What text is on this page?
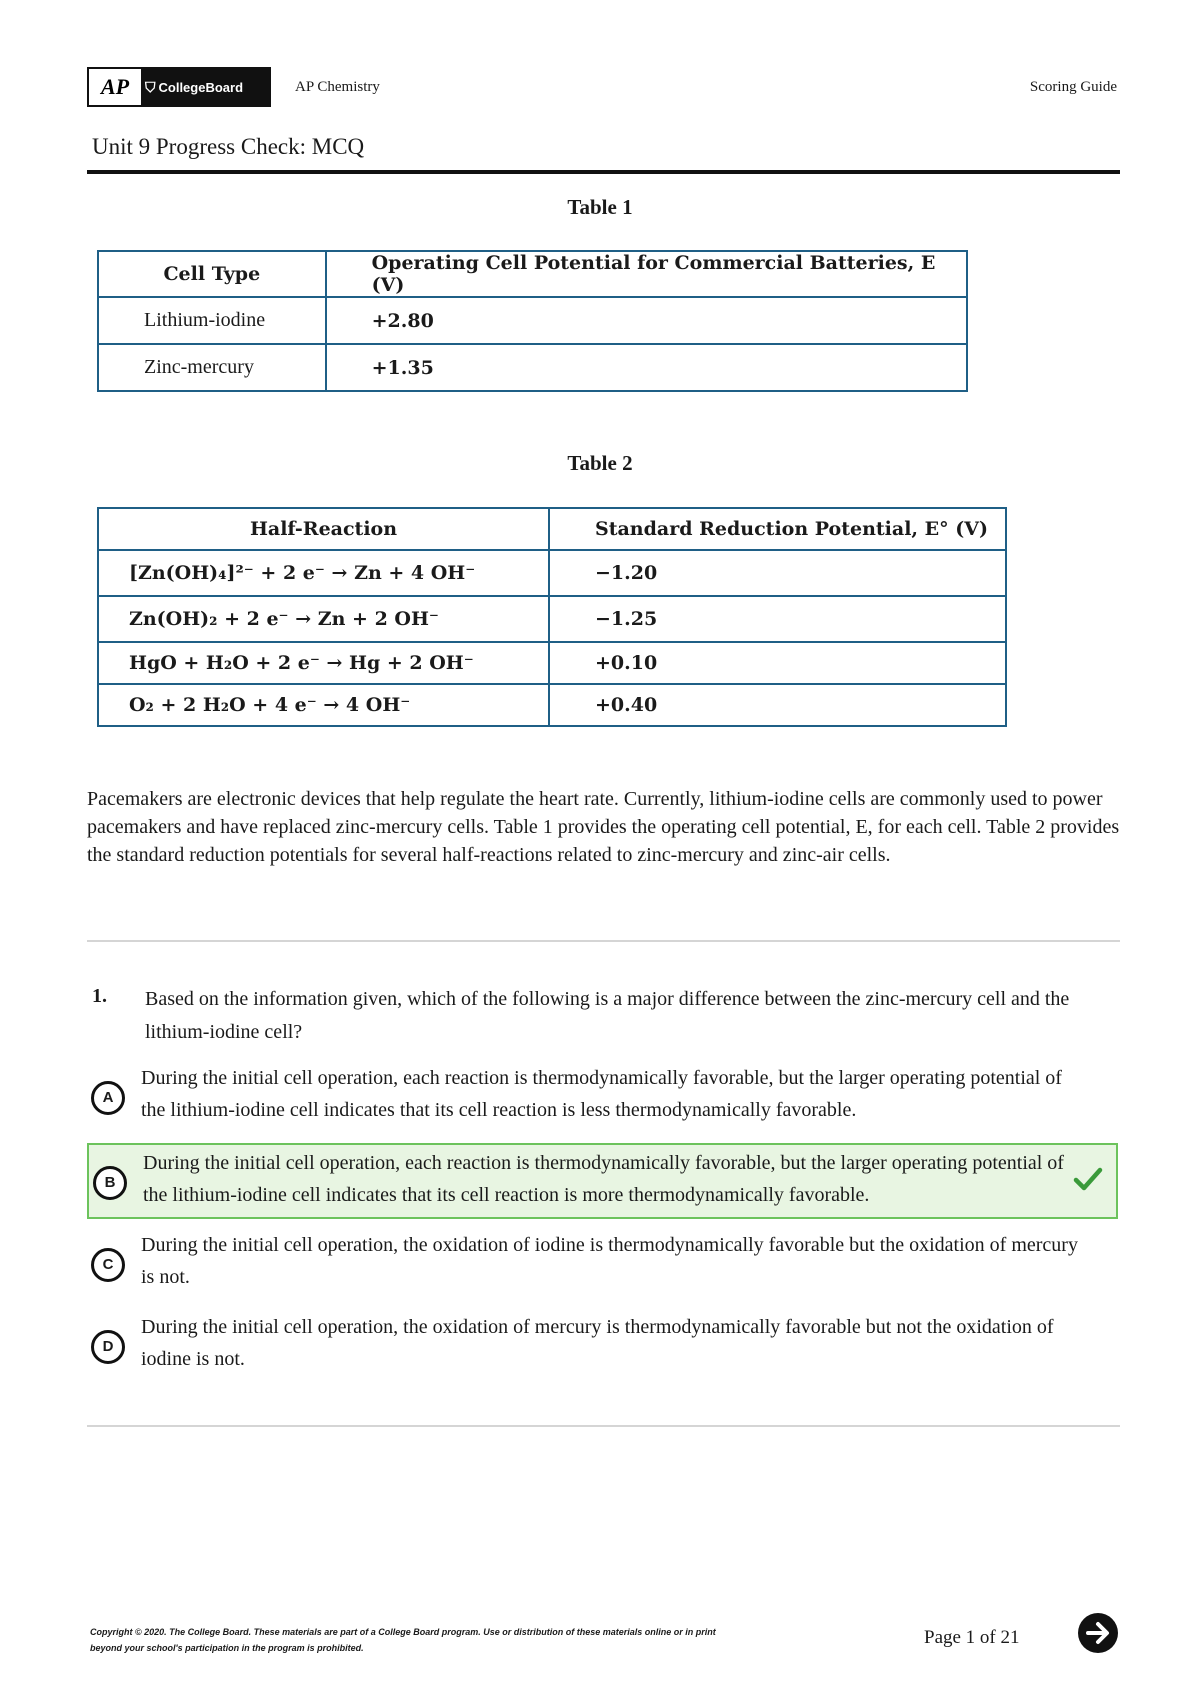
AP	⛉ CollegeBoard	AP Chemistry	Scoring Guide
Unit 9 Progress Check: MCQ
Table 1
Cell Type	Operating Cell Potential for Commercial Batteries, E (V)
Lithium-iodine	+2.80
Zinc-mercury	+1.35
Table 2
Half-Reaction	Standard Reduction Potential, E° (V)
[Zn(OH)₄]²⁻ + 2 e⁻ → Zn + 4 OH⁻	−1.20
Zn(OH)₂ + 2 e⁻ → Zn + 2 OH⁻	−1.25
HgO + H₂O + 2 e⁻ → Hg + 2 OH⁻	+0.10
O₂ + 2 H₂O + 4 e⁻ → 4 OH⁻	+0.40
Pacemakers are electronic devices that help regulate the heart rate. Currently, lithium-iodine cells are commonly used to power pacemakers and have replaced zinc-mercury cells. Table 1 provides the operating cell potential, E, for each cell. Table 2 provides the standard reduction potentials for several half-reactions related to zinc-mercury and zinc-air cells.
1. Based on the information given, which of the following is a major difference between the zinc-mercury cell and the lithium-iodine cell?
A
During the initial cell operation, each reaction is thermodynamically favorable, but the larger operating potential of the lithium-iodine cell indicates that its cell reaction is less thermodynamically favorable.
B
During the initial cell operation, each reaction is thermodynamically favorable, but the larger operating potential of the lithium-iodine cell indicates that its cell reaction is more thermodynamically favorable.
C
During the initial cell operation, the oxidation of iodine is thermodynamically favorable but the oxidation of mercury is not.
D
During the initial cell operation, the oxidation of mercury is thermodynamically favorable but not the oxidation of iodine is not.
Copyright © 2020. The College Board. These materials are part of a College Board program. Use or distribution of these materials online or in print beyond your school's participation in the program is prohibited.	Page 1 of 21
